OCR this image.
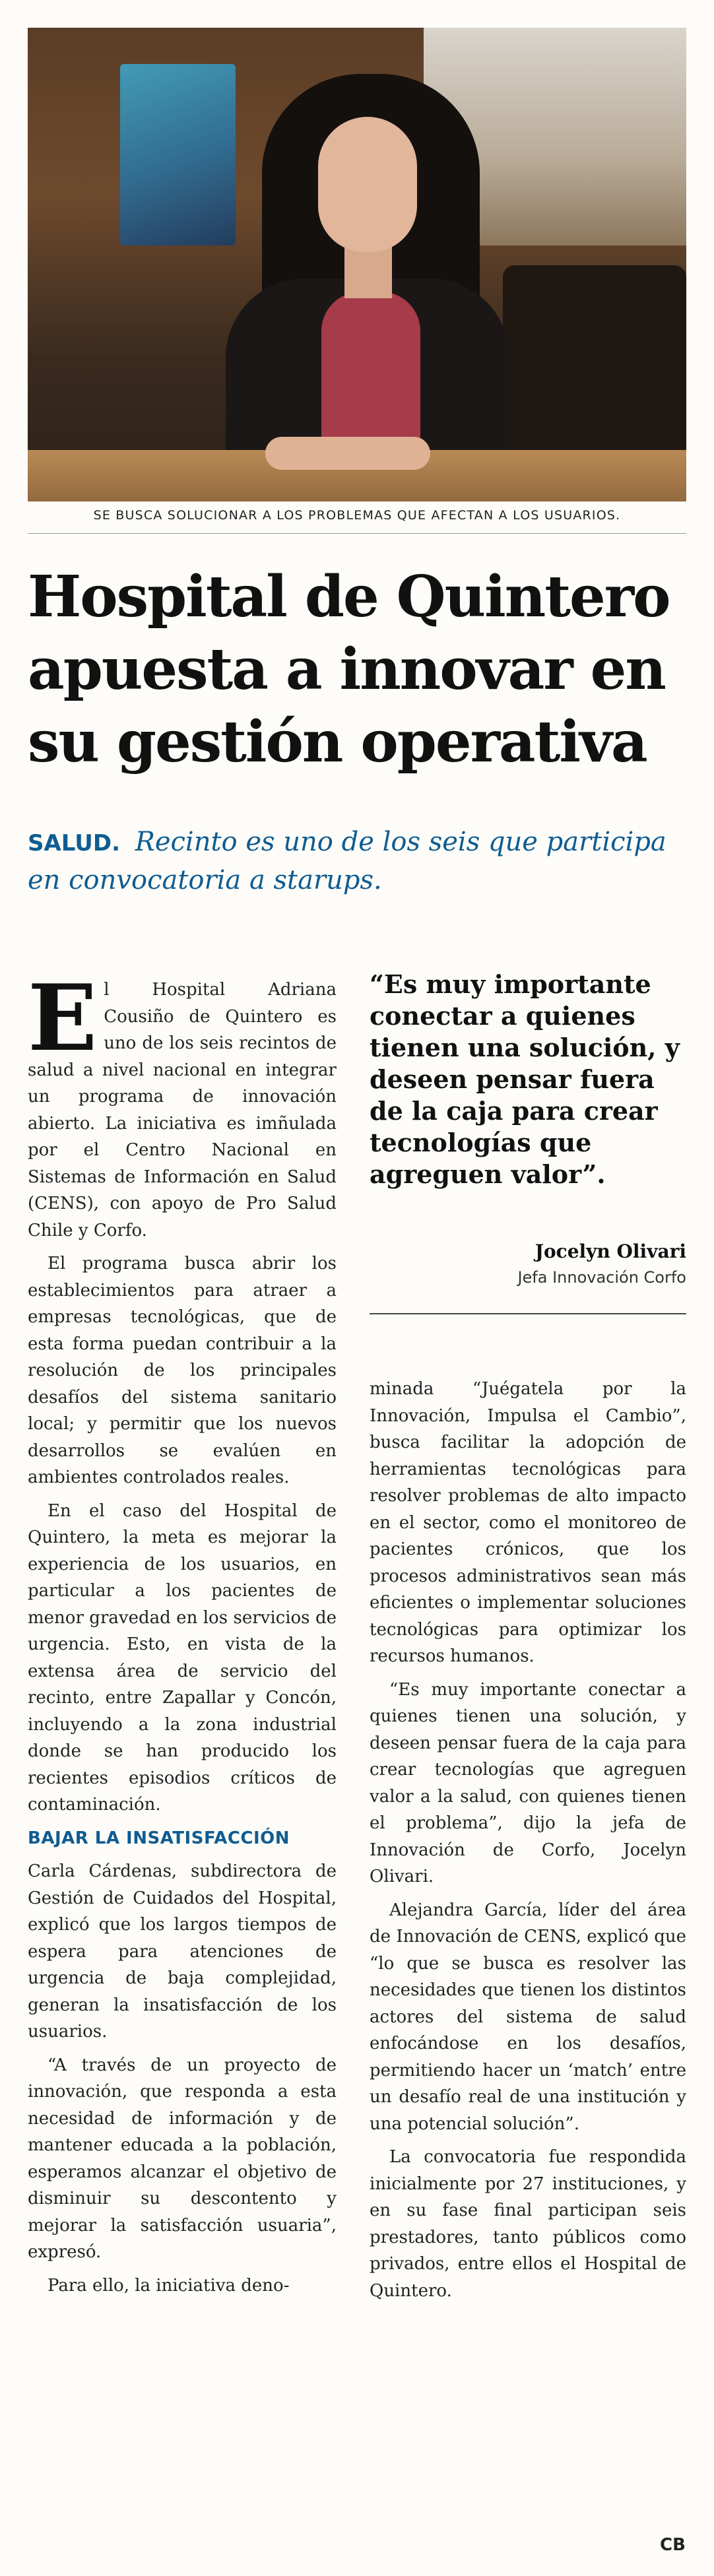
SE BUSCA SOLUCIONAR A LOS PROBLEMAS QUE AFECTAN A LOS USUARIOS.
Hospital de Quintero apuesta a innovar en su gestión operativa

SALUD. Recinto es uno de los seis que participa en convocatoria a starups.

El Hospital Adriana Cousiño de Quintero es uno de los seis recintos de salud a nivel nacional en integrar un programa de innovación abierto. La iniciativa es imñulada por el Centro Nacional en Sistemas de Información en Salud (CENS), con apoyo de Pro Salud Chile y Corfo.

El programa busca abrir los establecimientos para atraer a empresas tecnológicas, que de esta forma puedan contribuir a la resolución de los principales desafíos del sistema sanitario local; y permitir que los nuevos desarrollos se evalúen en ambientes controlados reales.

En el caso del Hospital de Quintero, la meta es mejorar la experiencia de los usuarios, en particular a los pacientes de menor gravedad en los servicios de urgencia. Esto, en vista de la extensa área de servicio del recinto, entre Zapallar y Concón, incluyendo a la zona industrial donde se han producido los recientes episodios críticos de contaminación.

BAJAR LA INSATISFACCIÓN

Carla Cárdenas, subdirectora de Gestión de Cuidados del Hospital, explicó que los largos tiempos de espera para atenciones de urgencia de baja complejidad, generan la insatisfacción de los usuarios.

“A través de un proyecto de innovación, que responda a esta necesidad de información y de mantener educada a la población, esperamos alcanzar el objetivo de disminuir su descontento y mejorar la satisfacción usuaria”, expresó.

Para ello, la iniciativa deno-

“Es muy importante conectar a quienes tienen una solución, y deseen pensar fuera de la caja para crear tecnologías que agreguen valor”.

Jocelyn Olivari
Jefa Innovación Corfo

minada “Juégatela por la Innovación, Impulsa el Cambio”, busca facilitar la adopción de herramientas tecnológicas para resolver problemas de alto impacto en el sector, como el monitoreo de pacientes crónicos, que los procesos administrativos sean más eficientes o implementar soluciones tecnológicas para optimizar los recursos humanos.

“Es muy importante conectar a quienes tienen una solución, y deseen pensar fuera de la caja para crear tecnologías que agreguen valor a la salud, con quienes tienen el problema”, dijo la jefa de Innovación de Corfo, Jocelyn Olivari.

Alejandra García, líder del área de Innovación de CENS, explicó que “lo que se busca es resolver las necesidades que tienen los distintos actores del sistema de salud enfocándose en los desafíos, permitiendo hacer un ‘match’ entre un desafío real de una institución y una potencial solución”.

La convocatoria fue respondida inicialmente por 27 instituciones, y en su fase final participan seis prestadores, tanto públicos como privados, entre ellos el Hospital de Quintero.

CB
